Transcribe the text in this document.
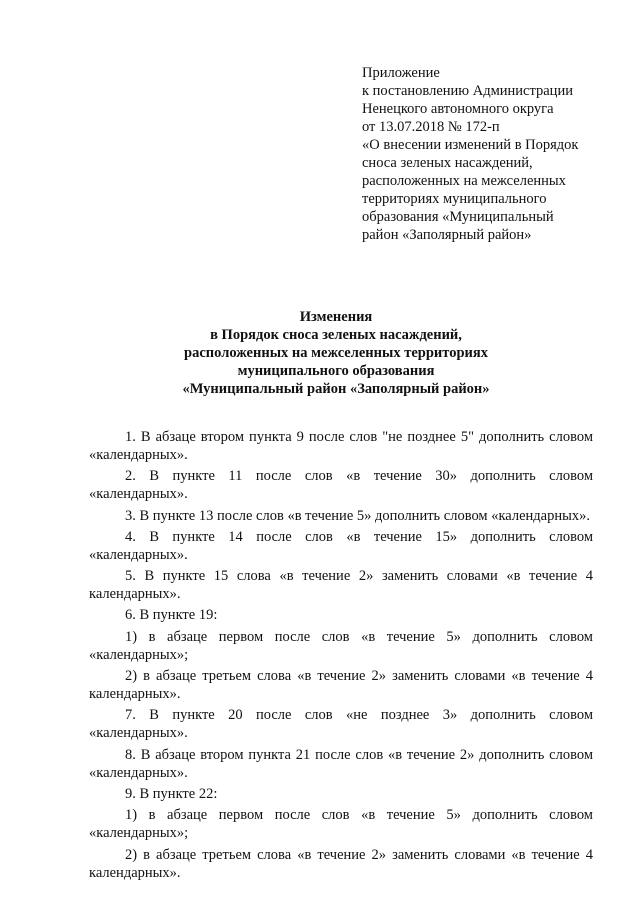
Приложение
к постановлению Администрации
Ненецкого автономного округа
от 13.07.2018 № 172-п
«О внесении изменений в Порядок
сноса зеленых насаждений,
расположенных на межселенных
территориях муниципального
образования «Муниципальный
район «Заполярный район»
Изменения
в Порядок сноса зеленых насаждений,
расположенных на межселенных территориях
муниципального образования
«Муниципальный район «Заполярный район»

1. В абзаце втором пункта 9 после слов "не позднее 5" дополнить словом «календарных».

2. В пункте 11 после слов «в течение 30» дополнить словом «календарных».

3. В пункте 13 после слов «в течение 5» дополнить словом «календарных».

4. В пункте 14 после слов «в течение 15» дополнить словом «календарных».

5. В пункте 15 слова «в течение 2» заменить словами «в течение 4 календарных».

6. В пункте 19:

1) в абзаце первом после слов «в течение 5» дополнить словом «календарных»;

2) в абзаце третьем слова «в течение 2» заменить словами «в течение 4 календарных».

7. В пункте 20 после слов «не позднее 3» дополнить словом «календарных».

8. В абзаце втором пункта 21 после слов «в течение 2» дополнить словом «календарных».

9. В пункте 22:

1) в абзаце первом после слов «в течение 5» дополнить словом «календарных»;

2) в абзаце третьем слова «в течение 2» заменить словами «в течение 4 календарных».
